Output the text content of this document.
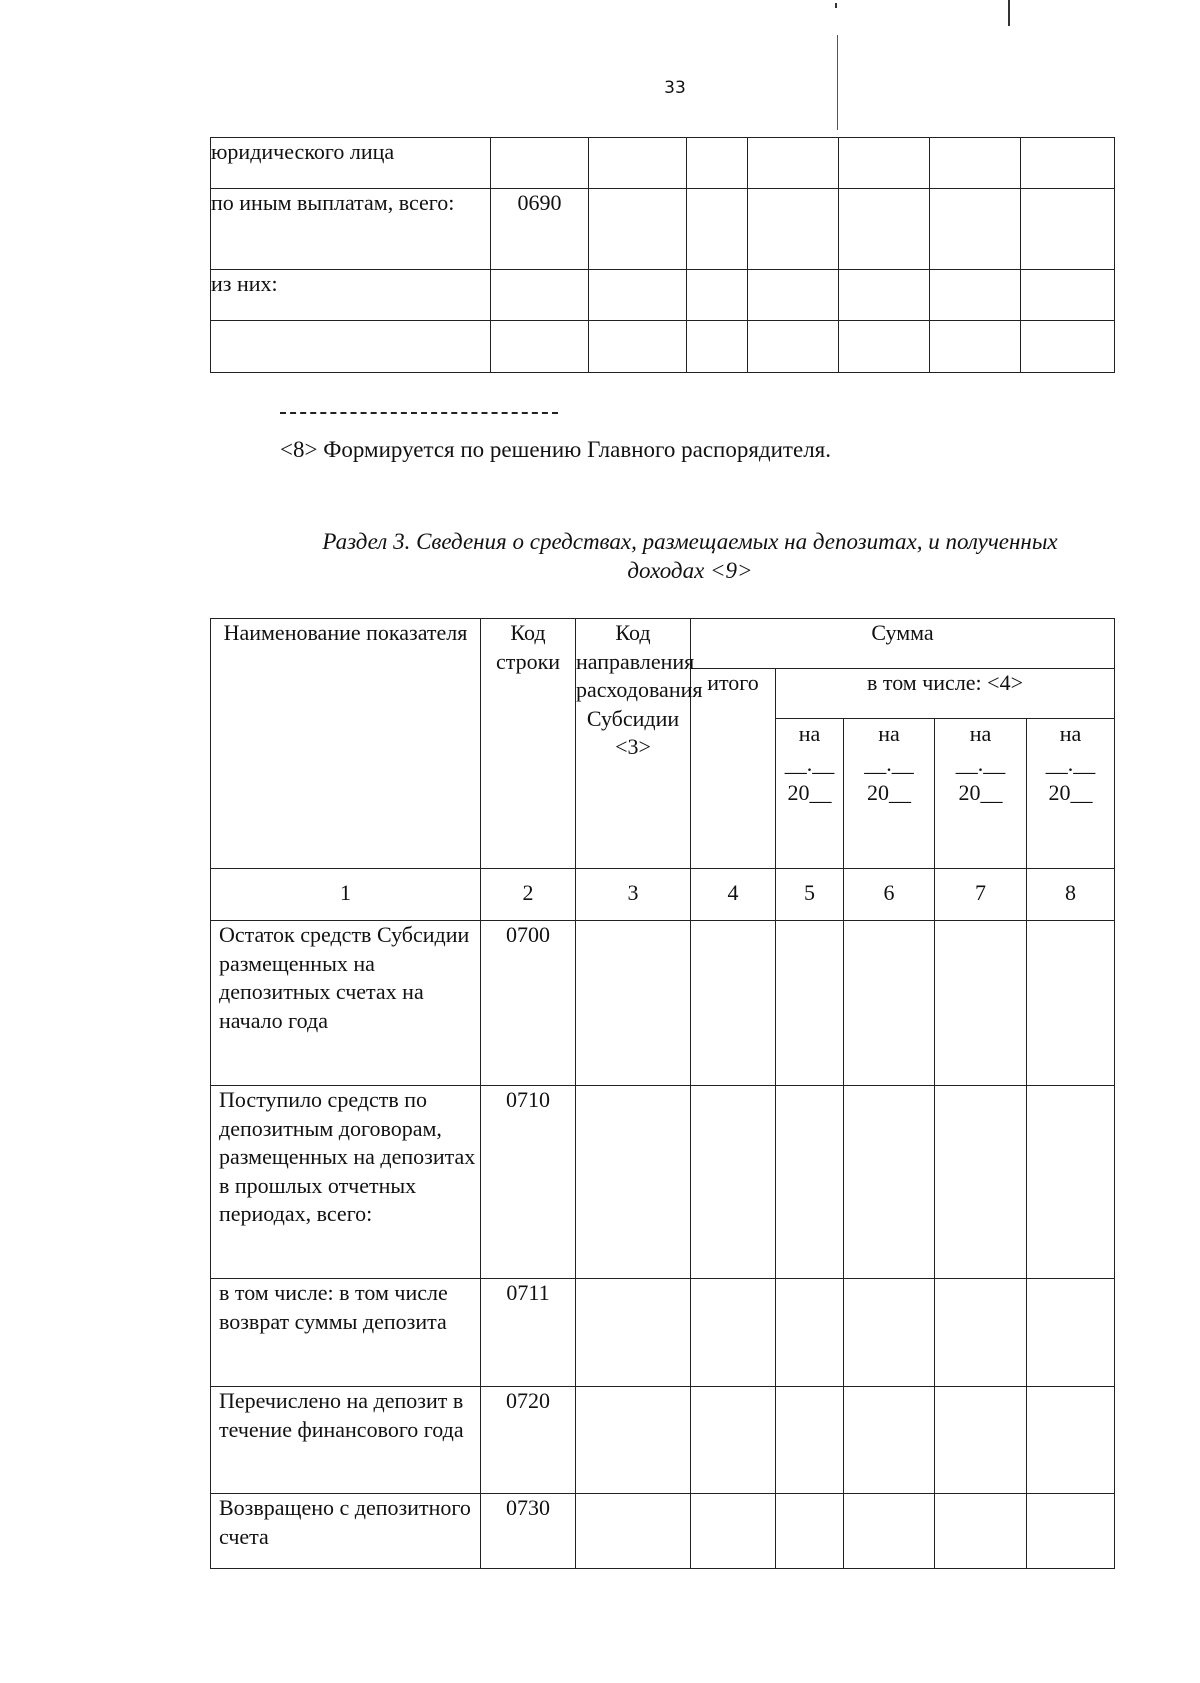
33
юридического лица							
по иным выплатам, всего:	0690						
из них:							

<8> Формируется по решению Главного распорядителя.
Раздел 3. Сведения о средствах, размещаемых на депозитах, и полученных
доходах <9>
Наименование показателя	Код строки	Код направления расходования Субсидии <3>	Сумма				
			итого	в том числе: <4>			

				на
__.__
20__	на
__.__
20__	на
__.__
20__	на
__.__
20__

1	2	3	4	5	6	7	8
Остаток средств Субсидии размещенных на депозитных счетах на начало года	0700						
Поступило средств по депозитным договорам, размещенных на депозитах в прошлых отчетных периодах, всего:	0710						
в том числе: в том числе возврат суммы депозита	0711						
Перечислено на депозит в течение финансового года	0720						
Возвращено с депозитного счета	0730						
